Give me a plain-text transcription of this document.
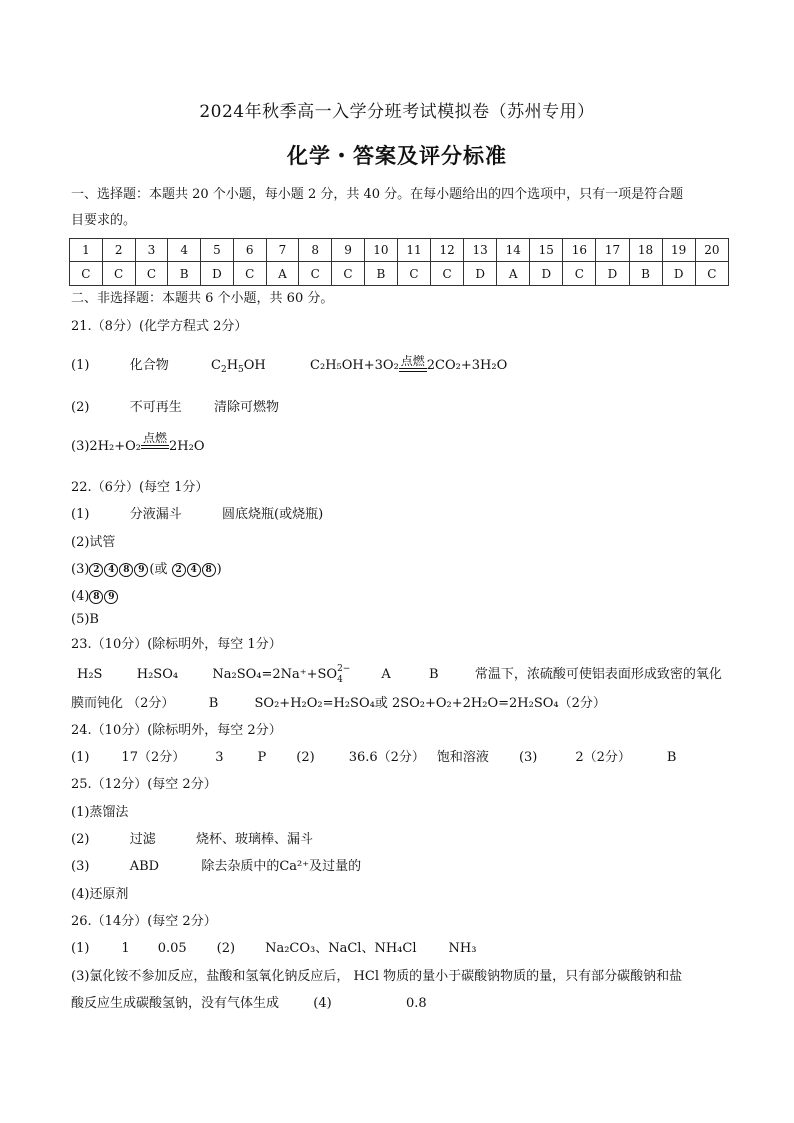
2024年秋季高一入学分班考试模拟卷（苏州专用）
化学・答案及评分标准
一、选择题：本题共 20 个小题，每小题 2 分，共 40 分。在每小题给出的四个选项中，只有一项是符合题
目要求的。
1	2	3	4	5	6	7	8	9	10	11	12	13	14	15	16	17	18	19	20
C	C	C	B	D	C	A	C	C	B	C	C	D	A	D	C	D	B	D	C
二、非选择题：本题共 6 个小题，共 60 分。
21.（8分）(化学方程式 2分）
(1)	化合物	$C_2H_5OH$	C₂H₅OH+3O₂ 点燃 2CO₂+3H₂O
(2)	不可再生 清除可燃物
(3)2H₂+O₂
点燃
2H₂O
22.（6分）(每空 1分）
(1)	分液漏斗	圆底烧瓶(或烧瓶)
(2)试管
(3) 2 4 8 9 (或 2 4 8 )
(4) 8 9
(5)B
23.（10分）(除标明外，每空 1分）
H₂S	H₂SO₄	Na₂SO₄=2Na⁺+SO 2−
4	A	B	常温下，浓硫酸可使铝表面形成致密的氧化
膜而钝化 （2分）	B	SO₂+H₂O₂=H₂SO₄或 2SO₂+O₂+2H₂O=2H₂SO₄（2分）
24.（10分）(除标明外，每空 2分）
(1) 17（2分） 3	P (2)	36.6（2分） 饱和溶液 (3)	2（2分）	B
25.（12分）(每空 2分）
(1)蒸馏法
(2)	过滤	烧杯、玻璃棒、漏斗
(3)	ABD	除去杂质中的Ca²⁺及过量的
(4)还原剂
26.（14分）(每空 2分）
(1) 1 0.05 (2) Na₂CO₃、NaCl、NH₄Cl NH₃
(3)氯化铵不参加反应，盐酸和氢氧化钠反应后， HCl 物质的量小于碳酸钠物质的量，只有部分碳酸钠和盐
酸反应生成碳酸氢钠，没有气体生成	(4)	0.8
